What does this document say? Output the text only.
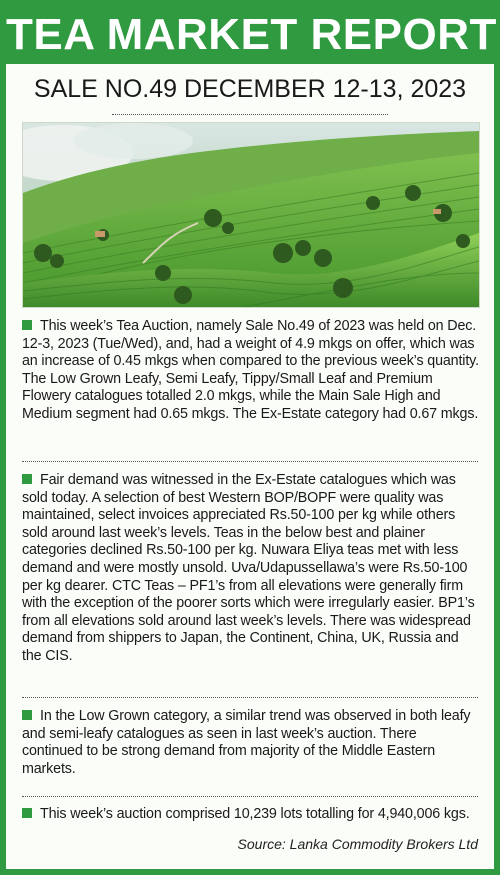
TEA MARKET REPORT
SALE NO.49 DECEMBER 12-13, 2023
This week’s Tea Auction, namely Sale No.49 of 2023 was held on Dec. 12-3, 2023 (Tue/Wed), and, had a weight of 4.9 mkgs on offer, which was an increase of 0.45 mkgs when compared to the previous week’s quantity. The Low Grown Leafy, Semi Leafy, Tippy/Small Leaf and Premium Flowery catalogues totalled 2.0 mkgs, while the Main Sale High and Medium segment had 0.65 mkgs. The Ex-Estate category had 0.67 mkgs.
Fair demand was witnessed in the Ex-Estate catalogues which was sold today. A selection of best Western BOP/BOPF were quality was maintained, select invoices appreciated Rs.50-100 per kg while others sold around last week’s levels. Teas in the below best and plainer categories declined Rs.50-100 per kg. Nuwara Eliya teas met with less demand and were mostly unsold. Uva/Udapussellawa’s were Rs.50-100 per kg dearer. CTC Teas – PF1’s from all elevations were generally firm with the exception of the poorer sorts which were irregularly easier. BP1’s from all elevations sold around last week’s levels. There was widespread demand from shippers to Japan, the Continent, China, UK, Russia and the CIS.
In the Low Grown category, a similar trend was observed in both leafy and semi-leafy catalogues as seen in last week’s auction. There continued to be strong demand from majority of the Middle Eastern markets.
This week’s auction comprised 10,239 lots totalling for 4,940,006 kgs.
Source: Lanka Commodity Brokers Ltd
